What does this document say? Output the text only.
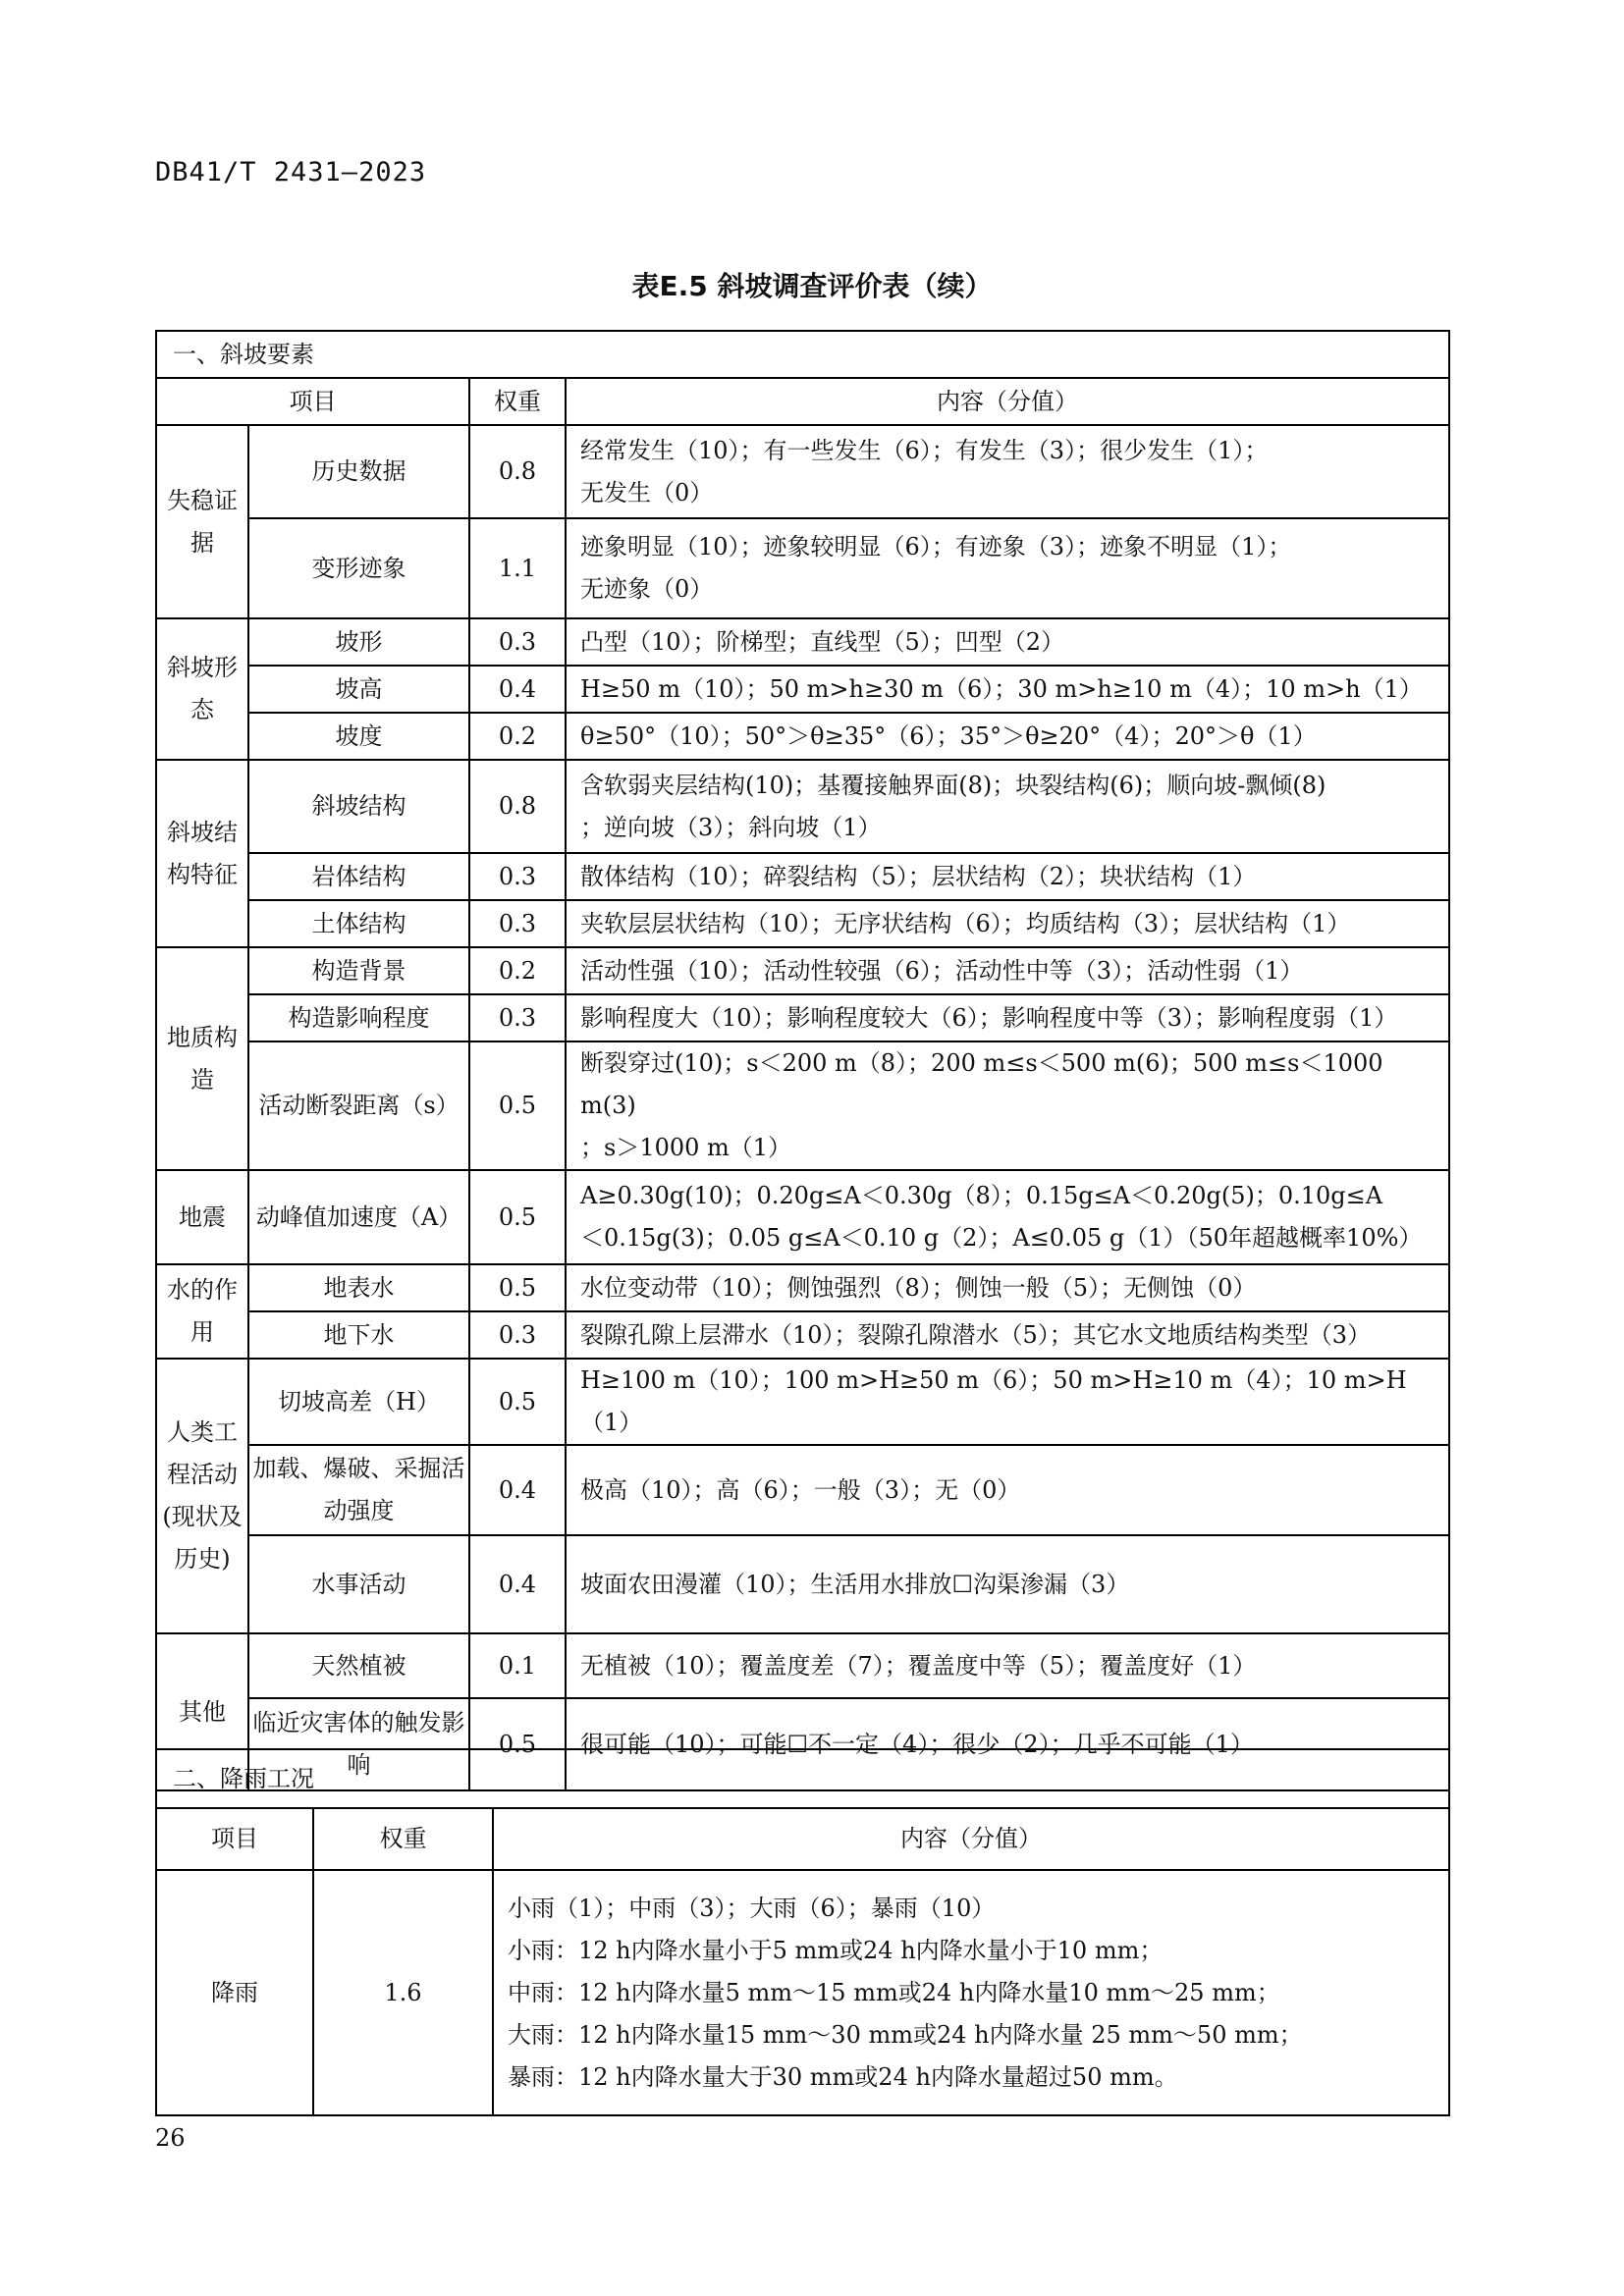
DB41/T 2431—2023
表E.5 斜坡调查评价表（续）
一、斜坡要素			
项目		权重	内容（分值）
失稳证据	历史数据	0.8	经常发生（10）；有一些发生（6）；有发生（3）；很少发生（1）；
无发生（0）

	变形迹象	1.1	迹象明显（10）；迹象较明显（6）；有迹象（3）；迹象不明显（1）；
无迹象（0）

斜坡形态	坡形	0.3	凸型（10）；阶梯型；直线型（5）；凹型（2）

	坡高	0.4	H≥50 m（10）；50 m>h≥30 m（6）；30 m>h≥10 m（4）；10 m>h（1）

	坡度	0.2	θ≥50°（10）；50°＞θ≥35°（6）；35°＞θ≥20°（4）；20°＞θ（1）

斜坡结构特征	斜坡结构	0.8	含软弱夹层结构(10)；基覆接触界面(8)；块裂结构(6)；顺向坡-飘倾(8)
；逆向坡（3）；斜向坡（1）

	岩体结构	0.3	散体结构（10）；碎裂结构（5）；层状结构（2）；块状结构（1）

	土体结构	0.3	夹软层层状结构（10）；无序状结构（6）；均质结构（3）；层状结构（1）

地质构造	构造背景	0.2	活动性强（10）；活动性较强（6）；活动性中等（3）；活动性弱（1）

	构造影响程度	0.3	影响程度大（10）；影响程度较大（6）；影响程度中等（3）；影响程度弱（1）

	活动断裂距离（s）	0.5	断裂穿过(10)；s＜200 m（8）；200 m≤s＜500 m(6)；500 m≤s＜1000 m(3)
；s＞1000 m（1）

地震	动峰值加速度（A）	0.5	A≥0.30g(10)；0.20g≤A＜0.30g（8）；0.15g≤A＜0.20g(5)；0.10g≤A
＜0.15g(3)；0.05 g≤A＜0.10 g（2）；A≤0.05 g（1）（50年超越概率10%）

水的作用	地表水	0.5	水位变动带（10）；侧蚀强烈（8）；侧蚀一般（5）；无侧蚀（0）

	地下水	0.3	裂隙孔隙上层滞水（10）；裂隙孔隙潜水（5）；其它水文地质结构类型（3）

人类工程活动(现状及历史)	切坡高差（H）	0.5	H≥100 m（10）；100 m>H≥50 m（6）；50 m>H≥10 m（4）；10 m>H（1）

	加载、爆破、采掘活动强度	0.4	极高（10）；高（6）；一般（3）；无（0）

	水事活动	0.4	坡面农田漫灌（10）；生活用水排放☐沟渠渗漏（3）

其他	天然植被	0.1	无植被（10）；覆盖度差（7）；覆盖度中等（5）；覆盖度好（1）

	临近灾害体的触发影响	0.5	很可能（10）；可能☐不一定（4）；很少（2）；几乎不可能（1）
二、降雨工况		
项目	权重	内容（分值）
降雨	1.6	小雨（1）；中雨（3）；大雨（6）；暴雨（10）
小雨：12 h内降水量小于5 mm或24 h内降水量小于10 mm；
中雨：12 h内降水量5 mm～15 mm或24 h内降水量10 mm～25 mm；
大雨：12 h内降水量15 mm～30 mm或24 h内降水量 25 mm～50 mm；
暴雨：12 h内降水量大于30 mm或24 h内降水量超过50 mm。
26
